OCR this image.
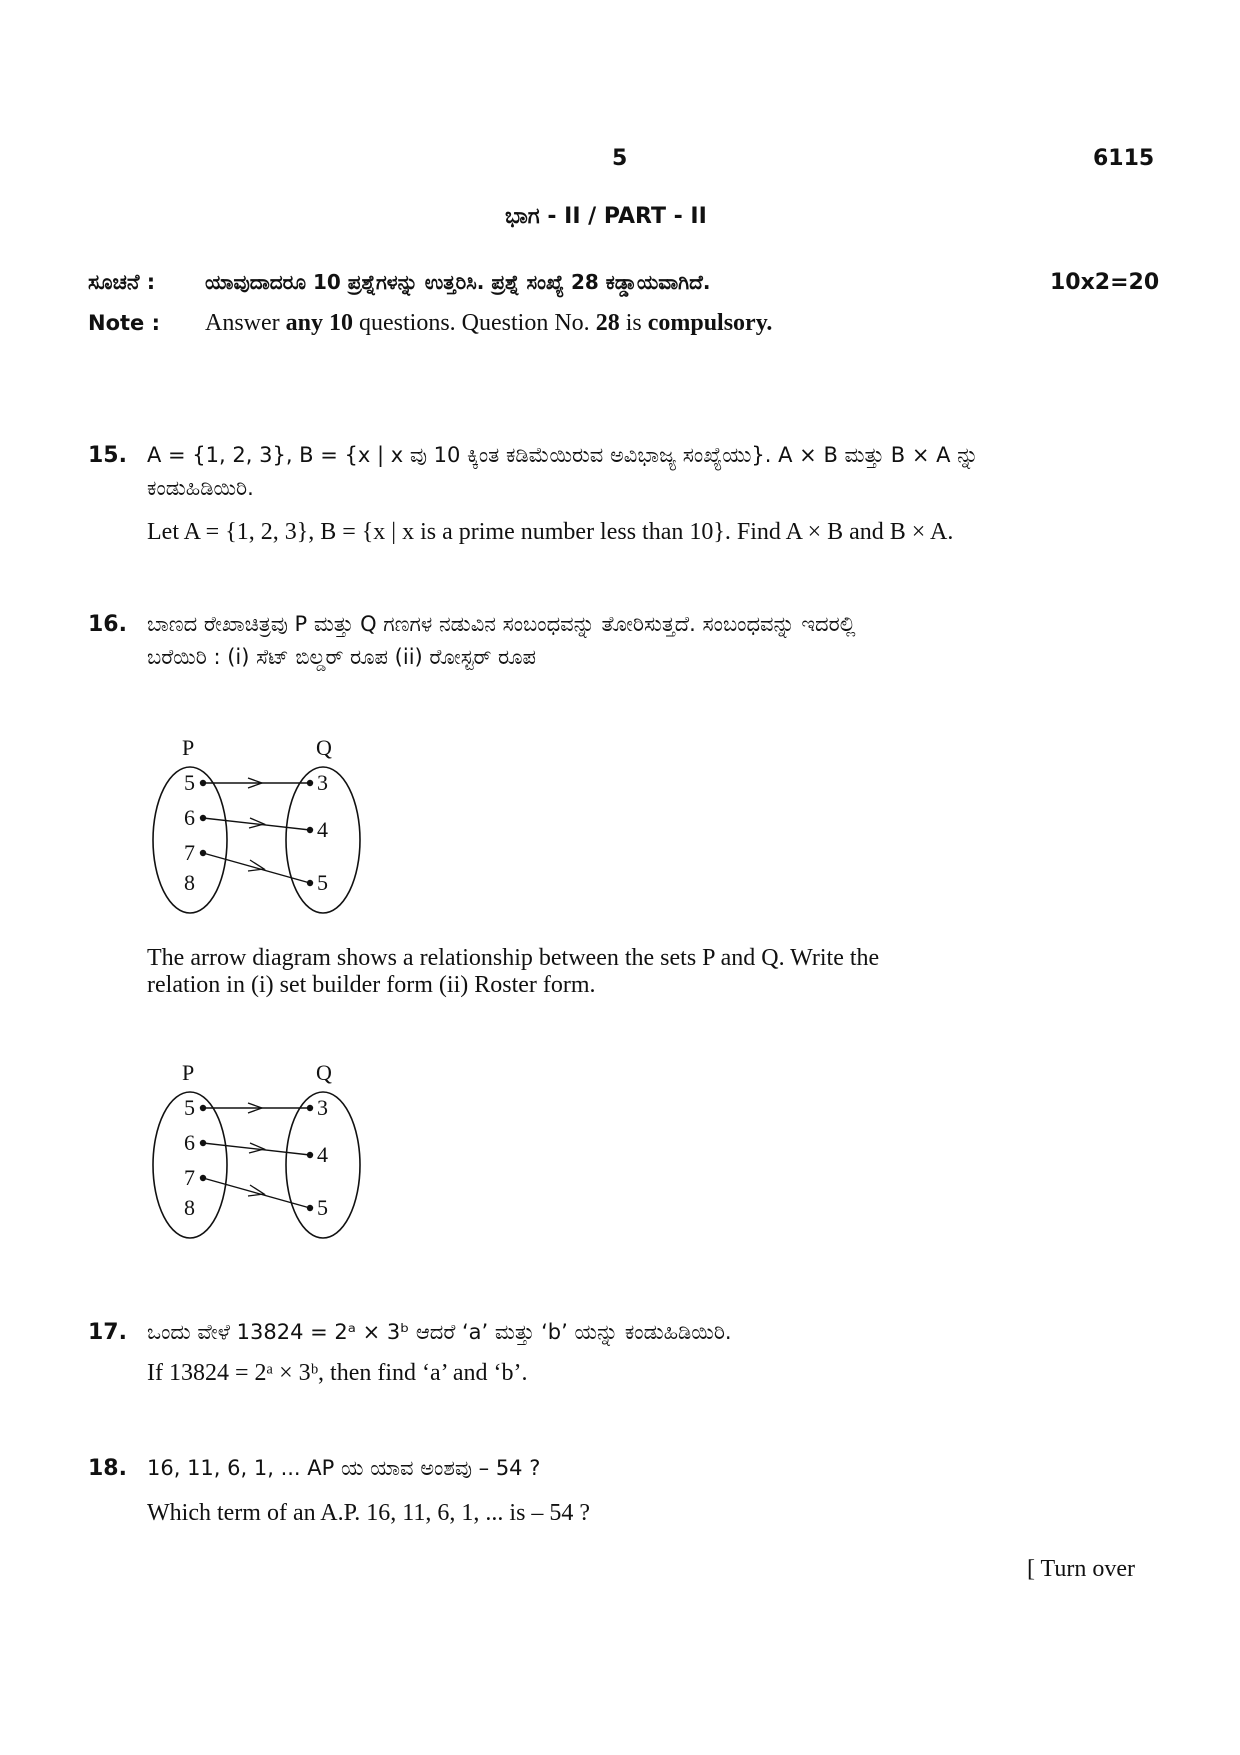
5	6115
ಭಾಗ - II / PART - II
ಸೂಚನೆ : ಯಾವುದಾದರೂ 10 ಪ್ರಶ್ನೆಗಳನ್ನು ಉತ್ತರಿಸಿ. ಪ್ರಶ್ನೆ ಸಂಖ್ಯೆ 28 ಕಡ್ಡಾಯವಾಗಿದೆ.	10x2=20
Note : Answer any 10 questions. Question No. 28 is compulsory.
15. A = {1, 2, 3}, B = {x | x ವು 10 ಕ್ಕಿಂತ ಕಡಿಮೆಯಿರುವ ಅವಿಭಾಜ್ಯ ಸಂಖ್ಯೆಯು}. A × B ಮತ್ತು B × A ನ್ನು
ಕಂಡುಹಿಡಿಯಿರಿ.
Let A = {1, 2, 3}, B = {x | x is a prime number less than 10}. Find A × B and B × A.
16. ಬಾಣದ ರೇಖಾಚಿತ್ರವು P ಮತ್ತು Q ಗಣಗಳ ನಡುವಿನ ಸಂಬಂಧವನ್ನು ತೋರಿಸುತ್ತದೆ. ಸಂಬಂಧವನ್ನು ಇದರಲ್ಲಿ
ಬರೆಯಿರಿ : (i) ಸೆಟ್ ಬಿಲ್ಡರ್ ರೂಪ (ii) ರೋಸ್ಟರ್ ರೂಪ
P	Q
5
6
7
8
3
4
5
The arrow diagram shows a relationship between the sets P and Q. Write the
relation in (i) set builder form (ii) Roster form.
P	Q
5
6
7
8
3
4
5
17. ಒಂದು ವೇಳೆ 13824 = 2ᵃ × 3ᵇ ಆದರೆ ‘a’ ಮತ್ತು ‘b’ ಯನ್ನು ಕಂಡುಹಿಡಿಯಿರಿ.
If 13824 = 2ᵃ × 3ᵇ, then find ‘a’ and ‘b’.
18. 16, 11, 6, 1, ... AP ಯ ಯಾವ ಅಂಶವು – 54 ?
Which term of an A.P. 16, 11, 6, 1, ... is – 54 ?
[ Turn over
